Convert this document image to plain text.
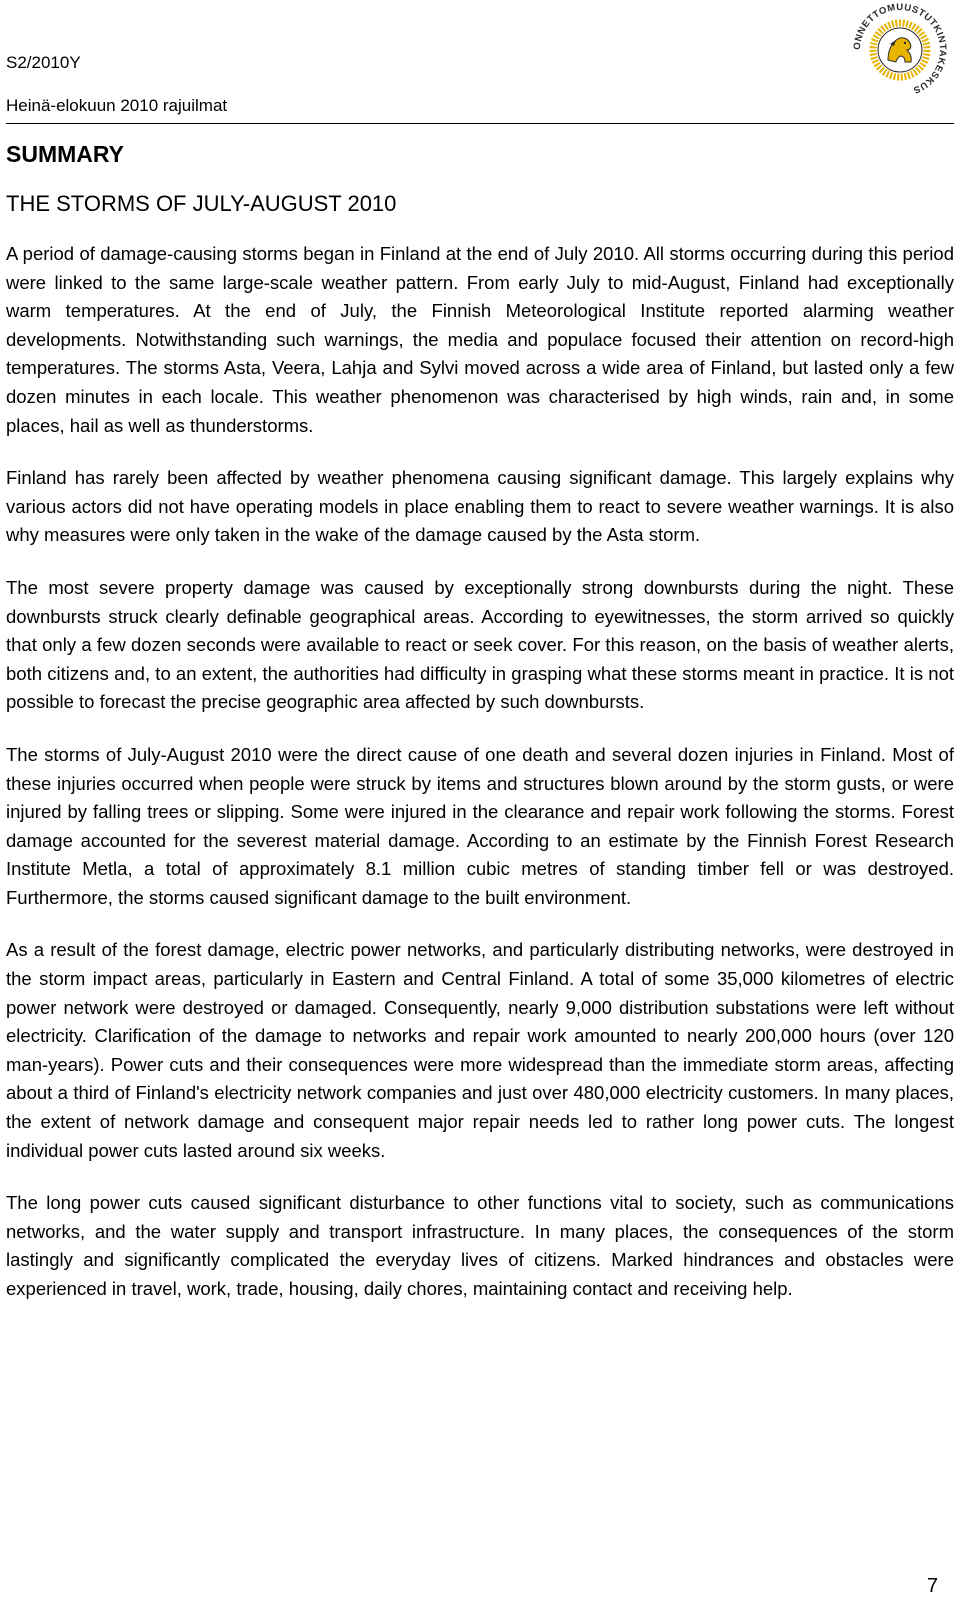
S2/2010Y
Heinä-elokuun 2010 rajuilmat
ONNETTOMUUSTUTKINTAKESKUS
SUMMARY
THE STORMS OF JULY-AUGUST 2010

A period of damage-causing storms began in Finland at the end of July 2010. All storms occurring during this period were linked to the same large-scale weather pattern. From early July to mid-August, Finland had exceptionally warm temperatures. At the end of July, the Finnish Meteorological Institute reported alarming weather developments. Notwithstanding such warnings, the media and populace focused their attention on record-high temperatures. The storms Asta, Veera, Lahja and Sylvi moved across a wide area of Finland, but lasted only a few dozen minutes in each locale. This weather phenomenon was characterised by high winds, rain and, in some places, hail as well as thunderstorms.

Finland has rarely been affected by weather phenomena causing significant damage. This largely explains why various actors did not have operating models in place enabling them to react to severe weather warnings. It is also why measures were only taken in the wake of the damage caused by the Asta storm.

The most severe property damage was caused by exceptionally strong downbursts during the night. These downbursts struck clearly definable geographical areas. According to eyewitnesses, the storm arrived so quickly that only a few dozen seconds were available to react or seek cover. For this reason, on the basis of weather alerts, both citizens and, to an extent, the authorities had difficulty in grasping what these storms meant in practice. It is not possible to forecast the precise geographic area affected by such downbursts.

The storms of July-August 2010 were the direct cause of one death and several dozen injuries in Finland. Most of these injuries occurred when people were struck by items and structures blown around by the storm gusts, or were injured by falling trees or slipping. Some were injured in the clearance and repair work following the storms. Forest damage accounted for the severest material damage. According to an estimate by the Finnish Forest Research Institute Metla, a total of approximately 8.1 million cubic metres of standing timber fell or was destroyed. Furthermore, the storms caused significant damage to the built environment.

As a result of the forest damage, electric power networks, and particularly distributing networks, were destroyed in the storm impact areas, particularly in Eastern and Central Finland. A total of some 35,000 kilometres of electric power network were destroyed or damaged. Consequently, nearly 9,000 distribution substations were left without electricity. Clarification of the damage to networks and repair work amounted to nearly 200,000 hours (over 120 man-years). Power cuts and their consequences were more widespread than the immediate storm areas, affecting about a third of Finland's electricity network companies and just over 480,000 electricity customers. In many places, the extent of network damage and consequent major repair needs led to rather long power cuts. The longest individual power cuts lasted around six weeks.

The long power cuts caused significant disturbance to other functions vital to society, such as communications networks, and the water supply and transport infrastructure. In many places, the consequences of the storm lastingly and significantly complicated the everyday lives of citizens. Marked hindrances and obstacles were experienced in travel, work, trade, housing, daily chores, maintaining contact and receiving help.

7
